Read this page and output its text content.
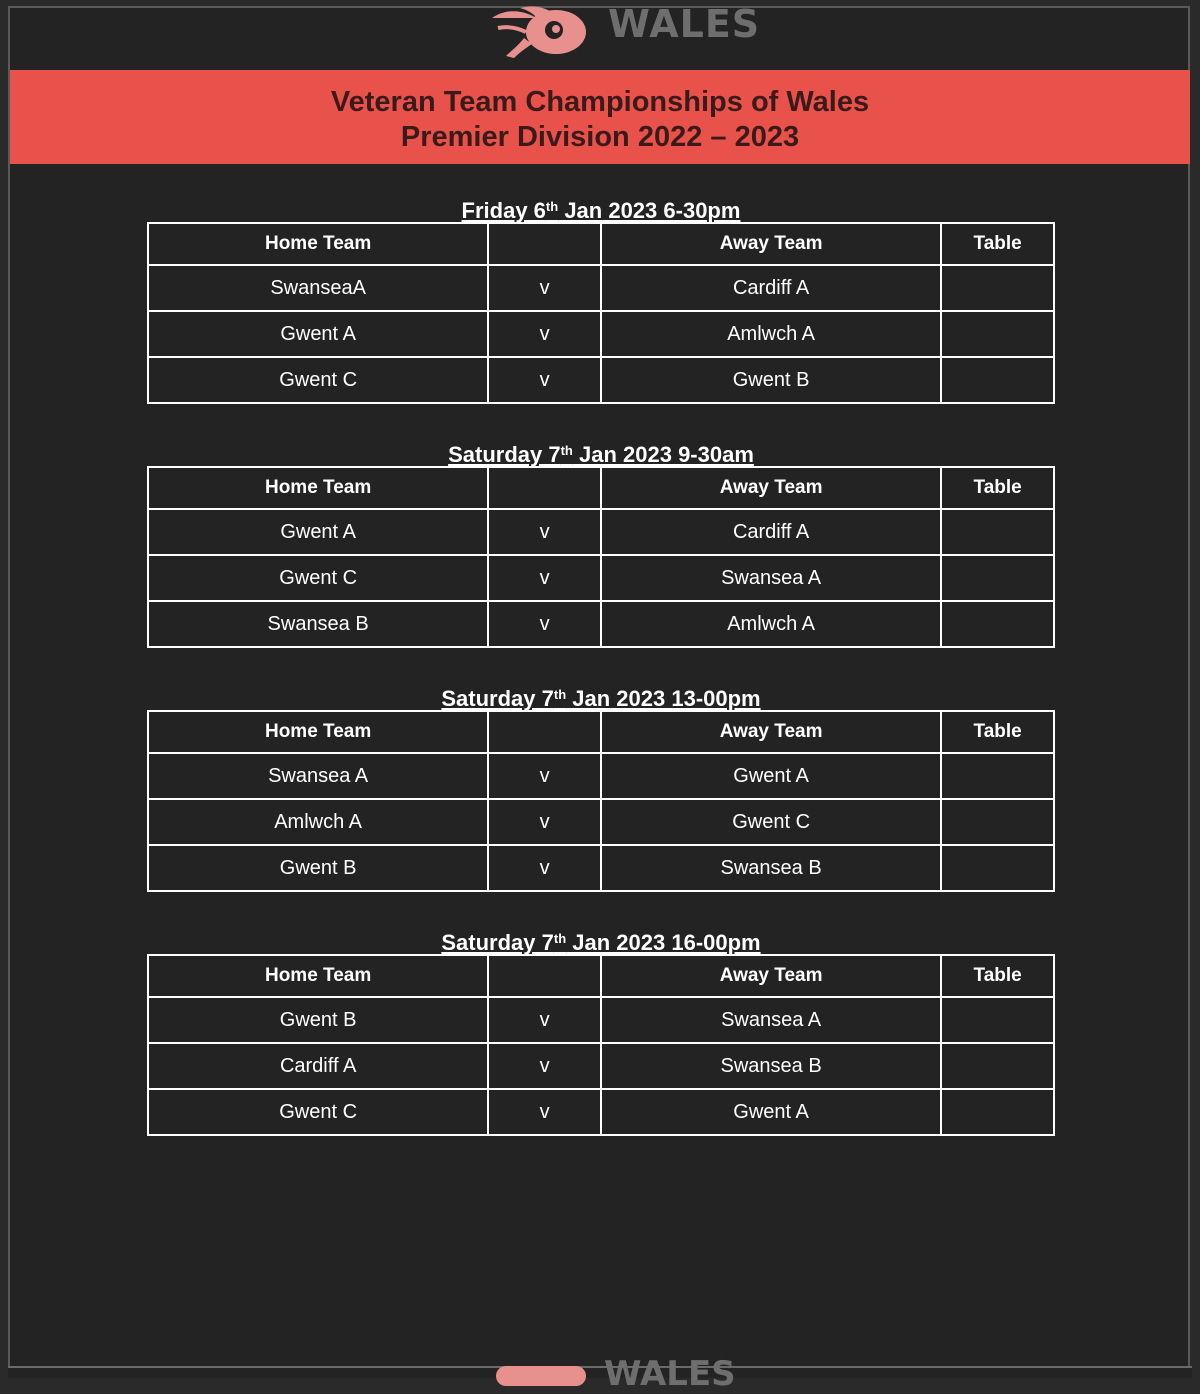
WALES
Veteran Team Championships of Wales
Premier Division 2022 – 2023
Friday 6th Jan 2023 6-30pm
Home Team		Away Team	Table
SwanseaA	v	Cardiff A	
Gwent A	v	Amlwch A	
Gwent C	v	Gwent B	
Saturday 7th Jan 2023 9-30am
Home Team		Away Team	Table
Gwent A	v	Cardiff A	
Gwent C	v	Swansea A	
Swansea B	v	Amlwch A	
Saturday 7th Jan 2023 13-00pm
Home Team		Away Team	Table
Swansea A	v	Gwent A	
Amlwch A	v	Gwent C	
Gwent B	v	Swansea B	
Saturday 7th Jan 2023 16-00pm
Home Team		Away Team	Table
Gwent B	v	Swansea A	
Cardiff A	v	Swansea B	
Gwent C	v	Gwent A	
WALES
